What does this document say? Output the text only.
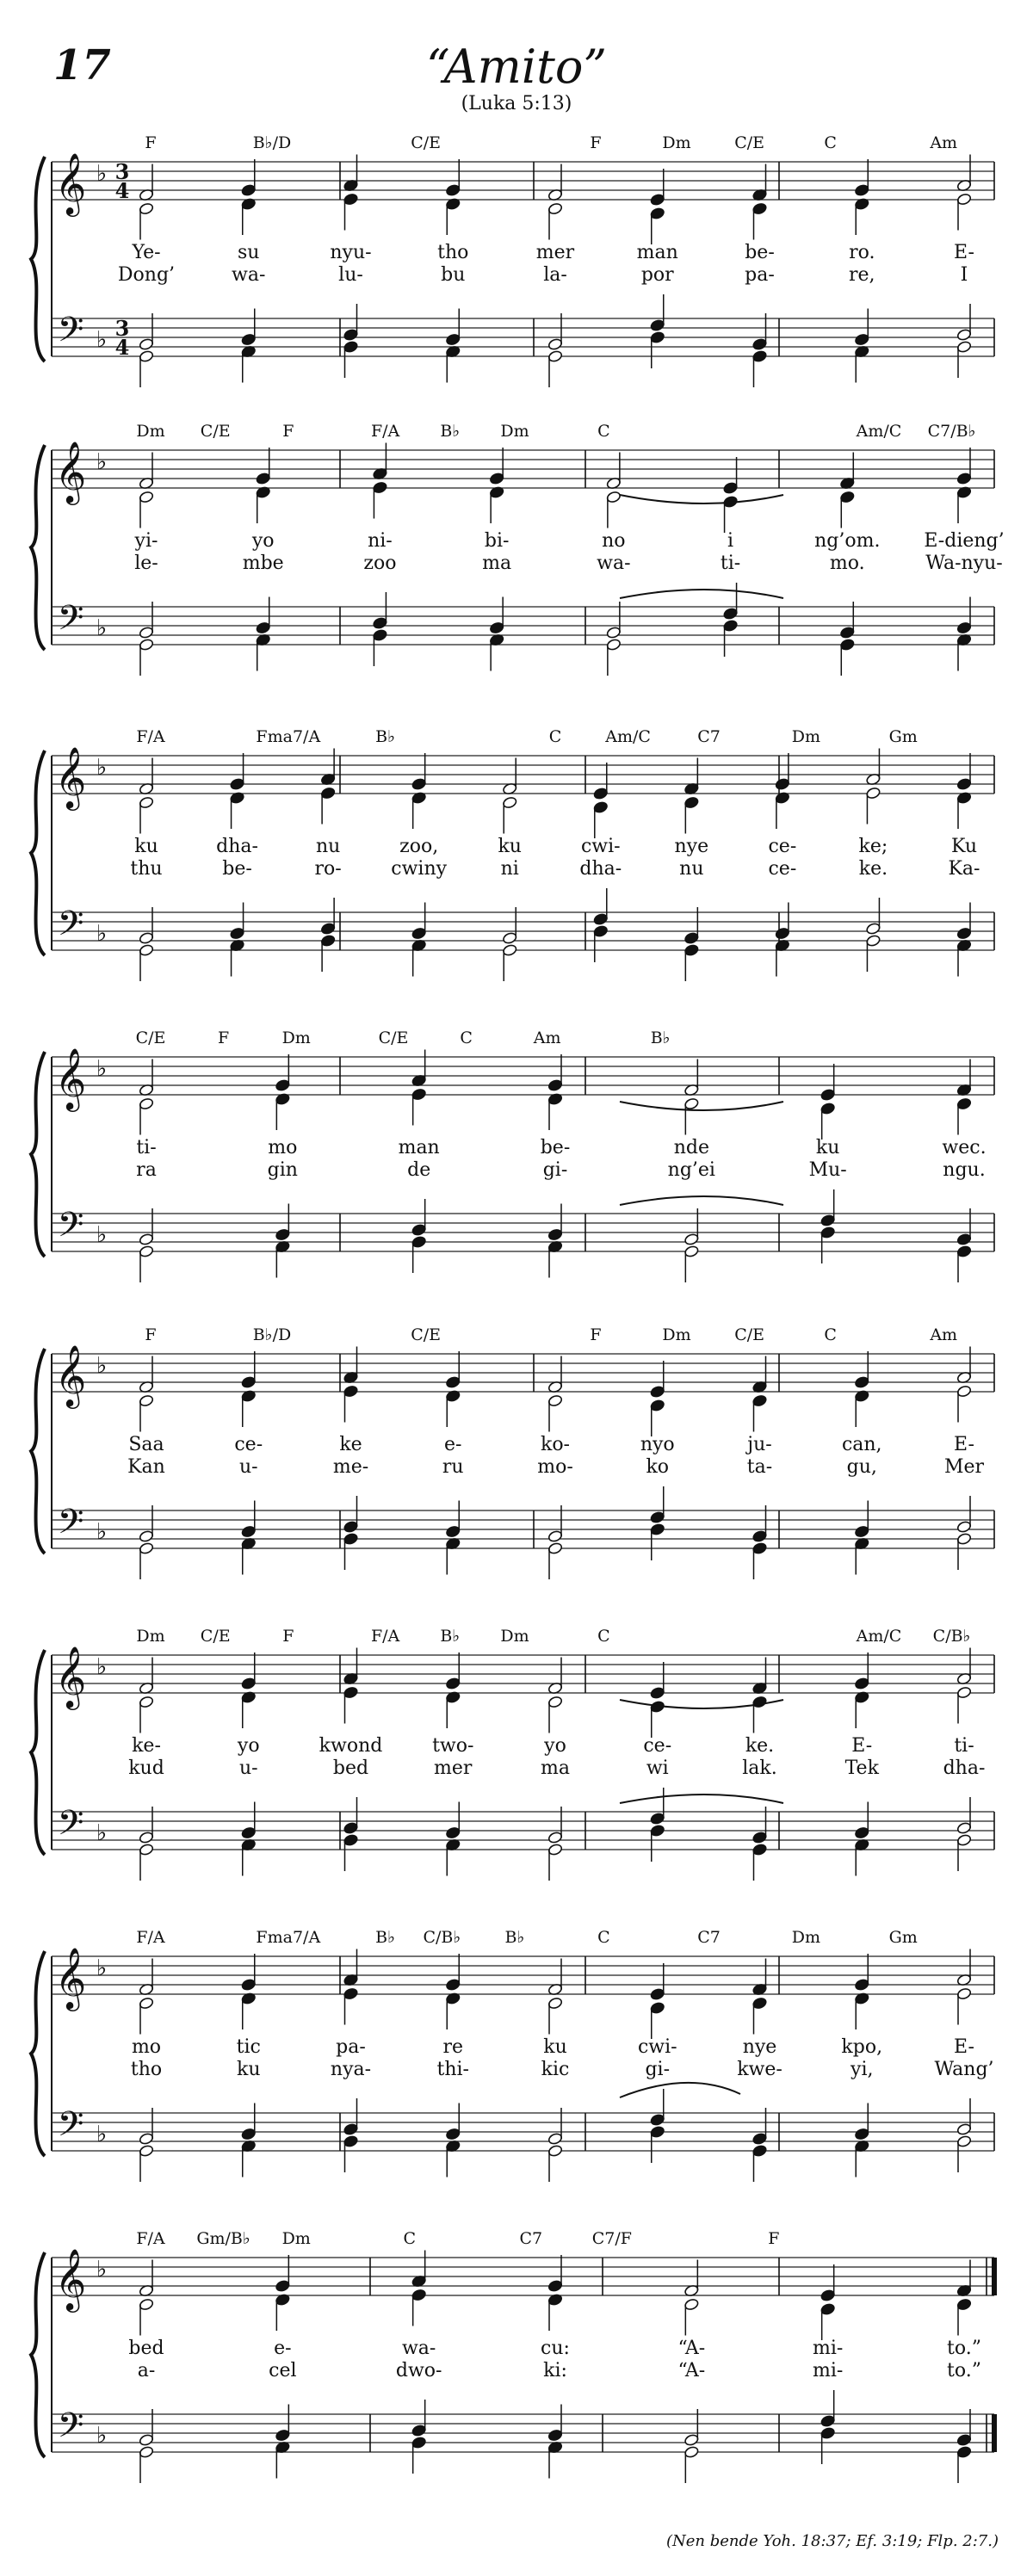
17	“Amito”
(Luka 5:13)
𝄞
𝄢
♭
♭
3
4
3
4
F	B♭/D	C/E	F	Dm	C/E	C	Am
Ye-	su	nyu-	tho	mer	man	be-	ro.	E-
Dong’	wa-	lu-	bu	la-	por	pa-	re,	I
𝄞
𝄢
♭
♭
Dm C/E	F	F/A B♭ Dm	C	Am/C C7/B♭
yi-	yo	ni-	bi-	no	i	ng’om. E-dieng’
le-	mbe	zoo	ma	wa-	ti-	mo.	Wa-nyu-
𝄞
𝄢
♭
♭
F/A	Fma7/A	B♭	C	Am/C	C7	Dm	Gm
ku	dha-	nu	zoo,	ku	cwi-	nye	ce-	ke;	Ku
thu	be-	ro-	cwiny	ni	dha-	nu	ce-	ke.	Ka-
𝄞
𝄢
♭
♭
C/E	F	Dm	C/E	C	Am	B♭
ti-	mo	man	be-	nde	ku	wec.
ra	gin	de	gi-	ng’ei	Mu-	ngu.
𝄞
𝄢
♭
♭
F	B♭/D	C/E	F	Dm	C/E	C	Am
Saa	ce-	ke	e-	ko-	nyo	ju-	can,	E-
Kan	u-	me-	ru	mo-	ko	ta-	gu,	Mer
𝄞
𝄢
♭
♭
Dm C/E	F	F/A B♭ Dm	C	Am/C C/B♭
ke-	yo	kwond	two-	yo	ce-	ke.	E-	ti-
kud	u-	bed	mer	ma	wi	lak.	Tek	dha-
𝄞
𝄢
♭
♭
F/A	Fma7/A	B♭ C/B♭	B♭	C	C7	Dm	Gm
mo	tic	pa-	re	ku	cwi-	nye	kpo,	E-
tho	ku	nya-	thi-	kic	gi-	kwe-	yi,	Wang’
𝄞
𝄢
♭
♭
F/A Gm/B♭ Dm	C	C7	C7/F	F
bed	e-	wa-	cu:	“A-	mi-	to.”
a-	cel	dwo-	ki:	“A-	mi-	to.”
(Nen bende Yoh. 18:37; Ef. 3:19; Flp. 2:7.)
